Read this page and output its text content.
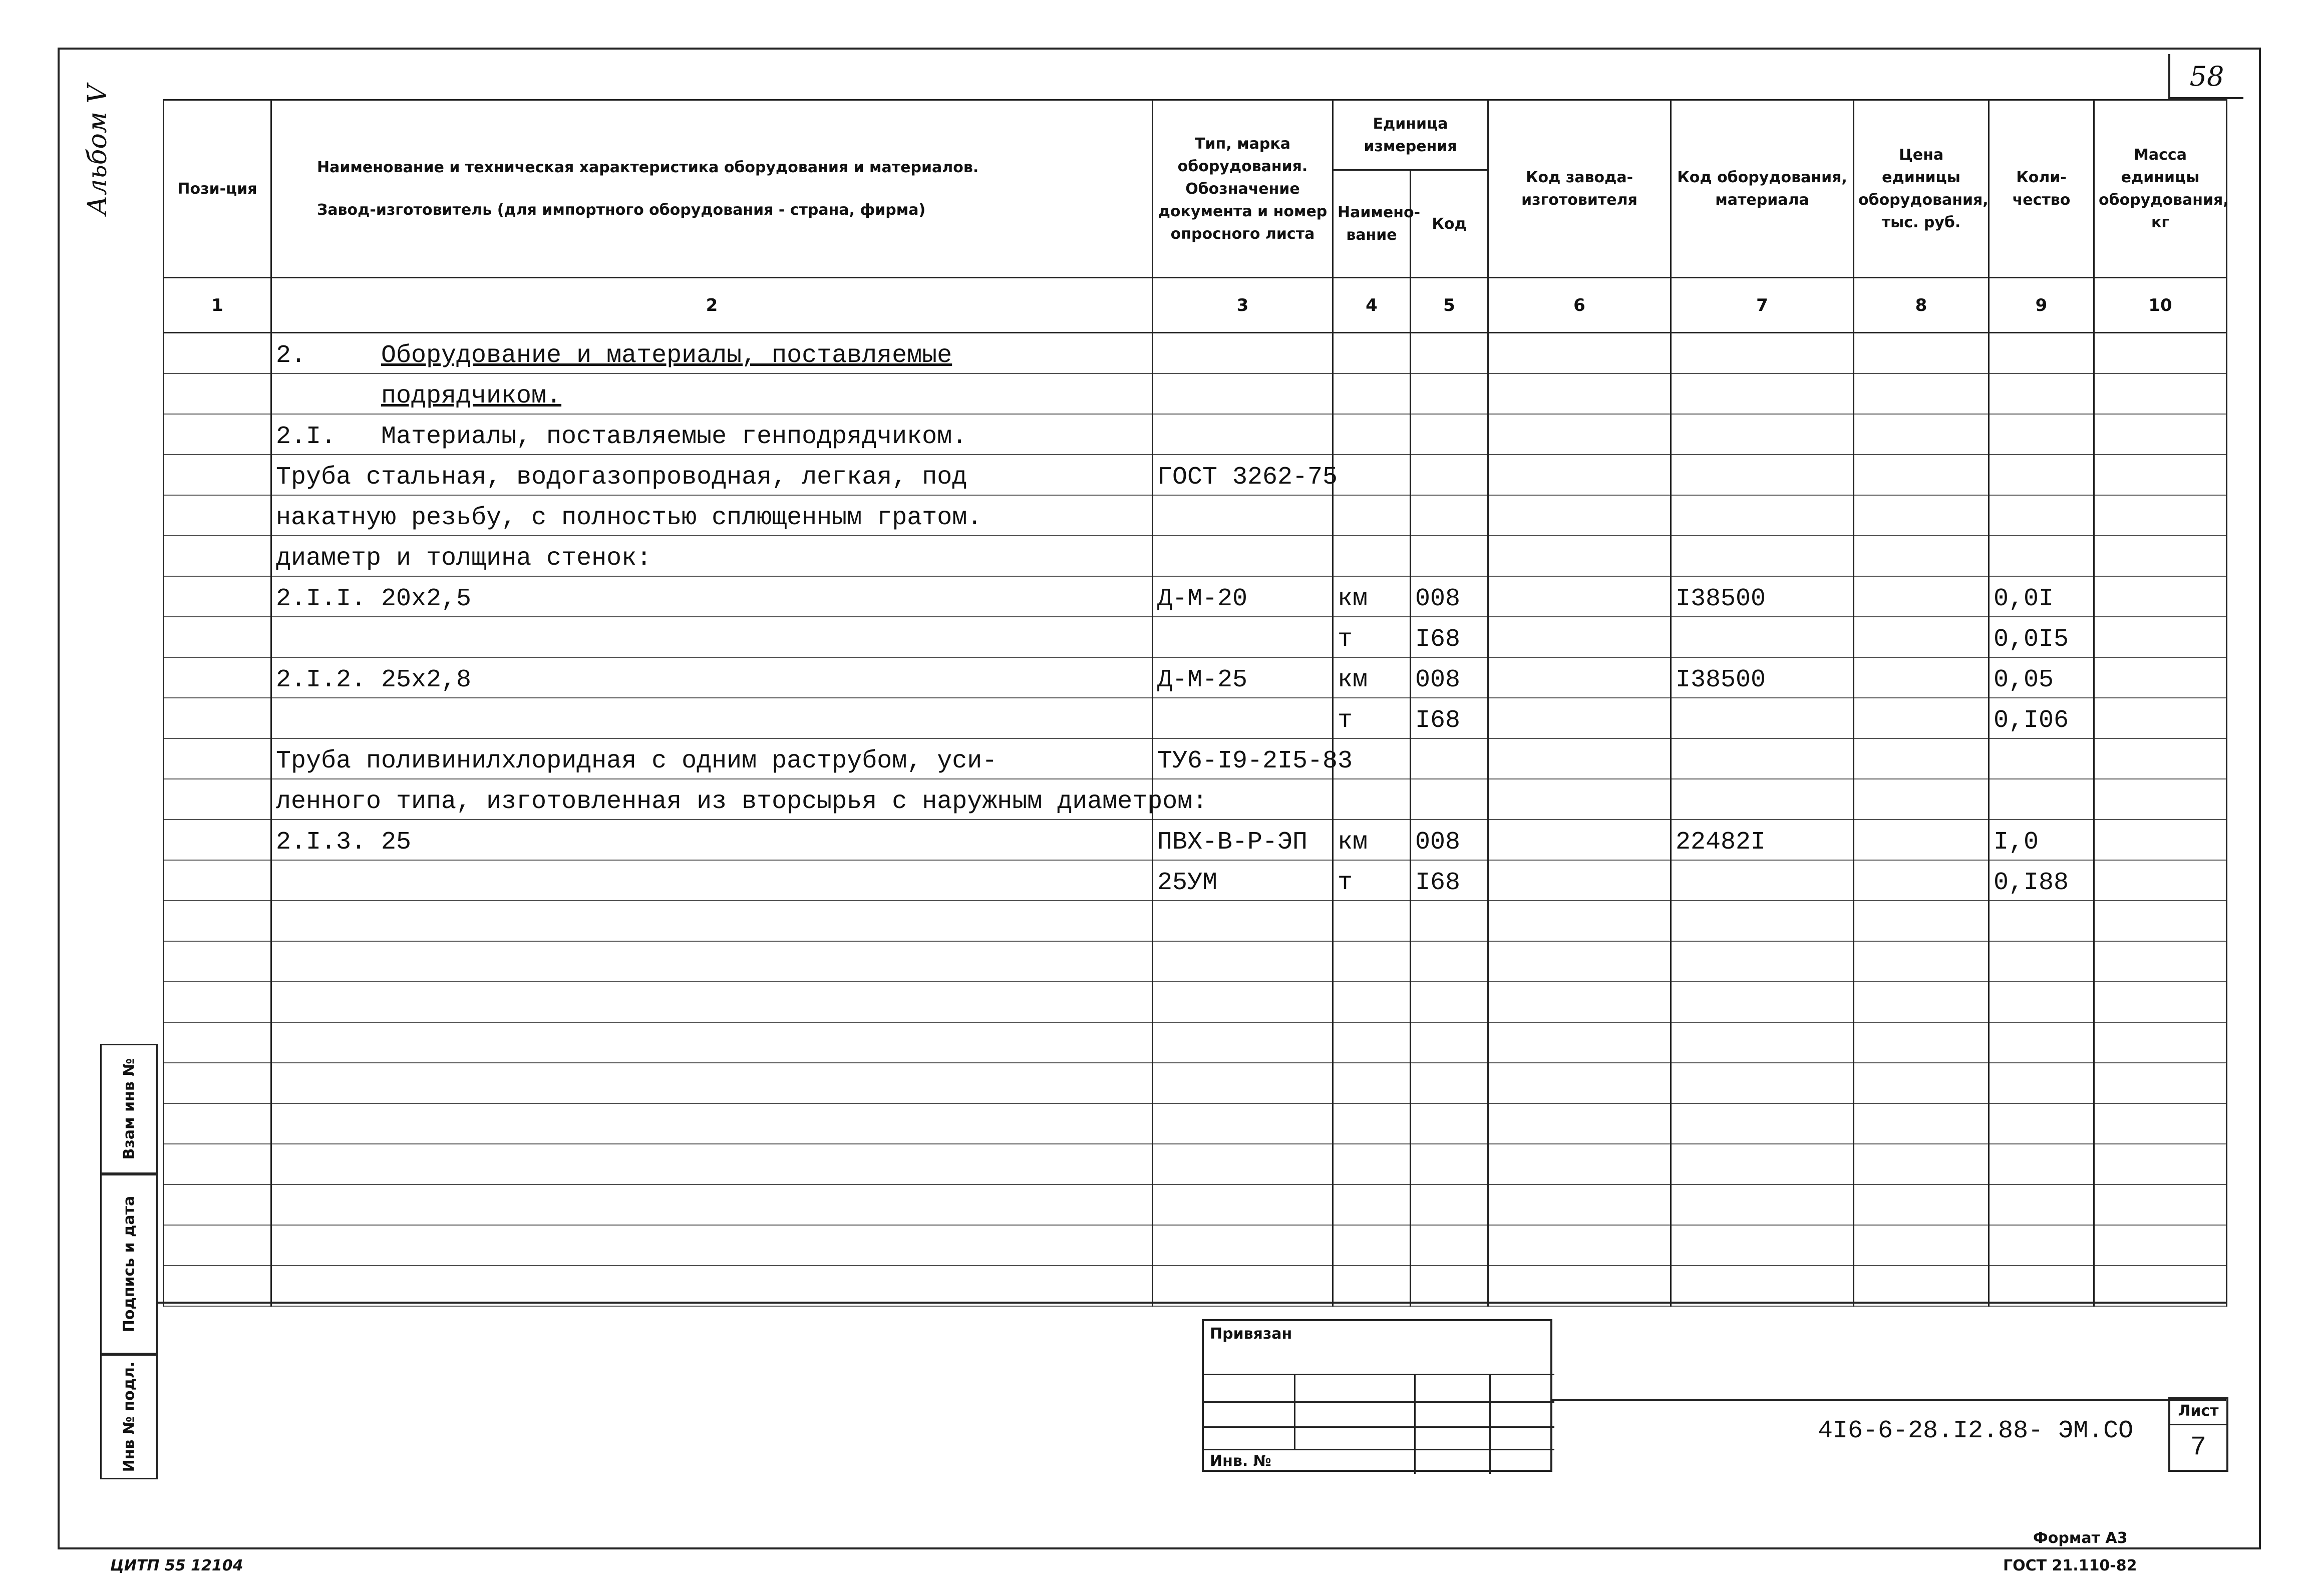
58
Альбом V	Пози-ция	Наименование и техническая характеристика оборудования и материалов.
Завод-изготовитель (для импортного оборудования - страна, фирма)	Тип, марка оборудования. Обозначение документа и номер опросного листа	Единица измерения		Код завода-изготовителя	Код оборудования, материала	Цена единицы оборудования, тыс. руб.	Коли-чество	Масса единицы оборудования, кг
			Наимено-вание	Код					
1	2	3	4	5	6	7	8	9	10
	2. Оборудование и материалы, поставляемые								
	подрядчиком.								
	2.I. Материалы, поставляемые генподрядчиком.								
	Труба стальная, водогазопроводная, легкая, под	ГОСТ 3262-75							
	накатную резьбу, с полностью сплющенным гратом.								
	диаметр и толщина стенок:								
	2.I.I. 20х2,5	Д-М-20	км	008		I38500		0,0I	
			т	I68				0,0I5	
	2.I.2. 25х2,8	Д-М-25	км	008		I38500		0,05	
			т	I68				0,I06	
	Труба поливинилхлоридная с одним раструбом, уси-	ТУ6-I9-2I5-83							
	ленного типа, изготовленная из вторсырья с наружным диаметром:								
	2.I.3. 25	ПВХ-В-Р-ЭП	км	008		22482I		I,0	
		25УМ	т	I68				0,I88	

Взам инв №
Подпись и дата
Инв № подл.
Привязан
Инв. №
4I6-6-28.I2.88- ЭМ.СО
Лист
7
ЦИТП 55 12104
Формат А3
ГОСТ 21.110-82
